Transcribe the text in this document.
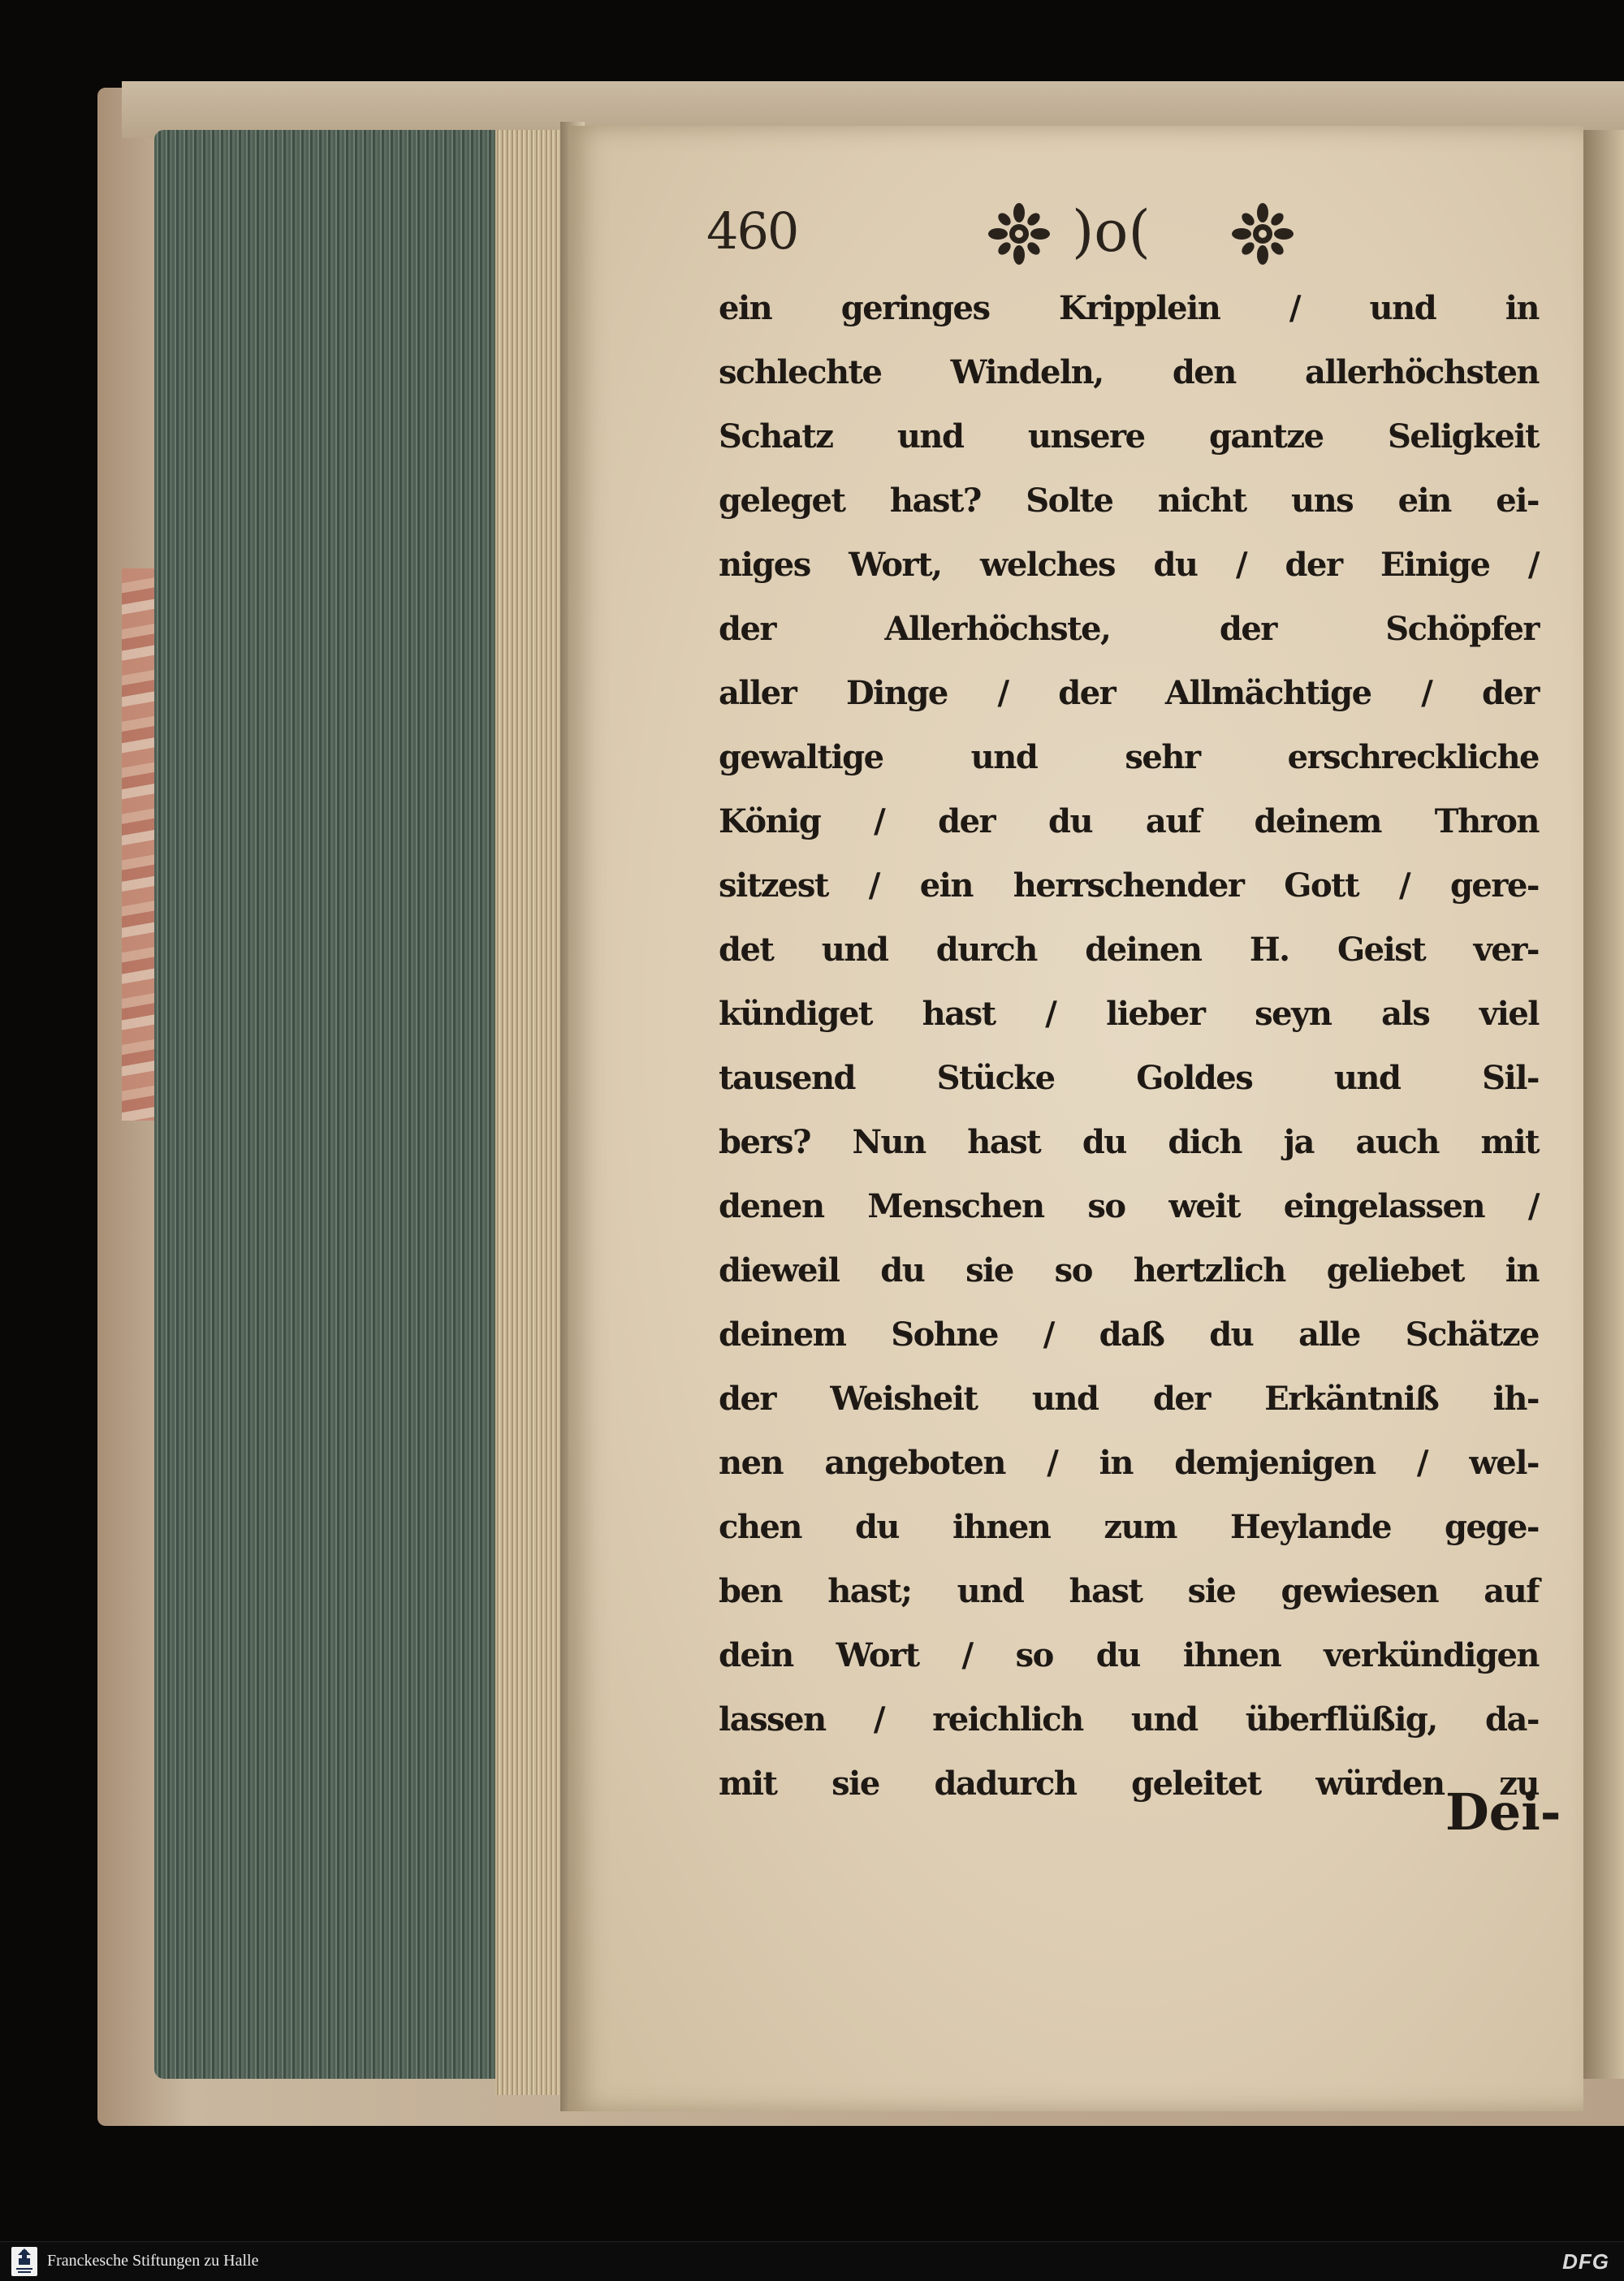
460	)o(
ein geringes Kripplein / und in
schlechte Windeln, den allerhöchsten
Schatz und unsere gantze Seligkeit
geleget hast? Solte nicht uns ein ei-
niges Wort, welches du / der Einige /
der Allerhöchste, der Schöpfer
aller Dinge / der Allmächtige / der
gewaltige und sehr erschreckliche
König / der du auf deinem Thron
sitzest / ein herrschender Gott / gere-
det und durch deinen H. Geist ver-
kündiget hast / lieber seyn als viel
tausend Stücke Goldes und Sil-
bers? Nun hast du dich ja auch mit
denen Menschen so weit eingelassen /
dieweil du sie so hertzlich geliebet in
deinem Sohne / daß du alle Schätze
der Weisheit und der Erkäntniß ih-
nen angeboten / in demjenigen / wel-
chen du ihnen zum Heylande gege-
ben hast; und hast sie gewiesen auf
dein Wort / so du ihnen verkündigen
lassen / reichlich und überflüßig, da-
mit sie dadurch geleitet würden zu
Dei-
Franckesche Stiftungen zu Halle	DFG
